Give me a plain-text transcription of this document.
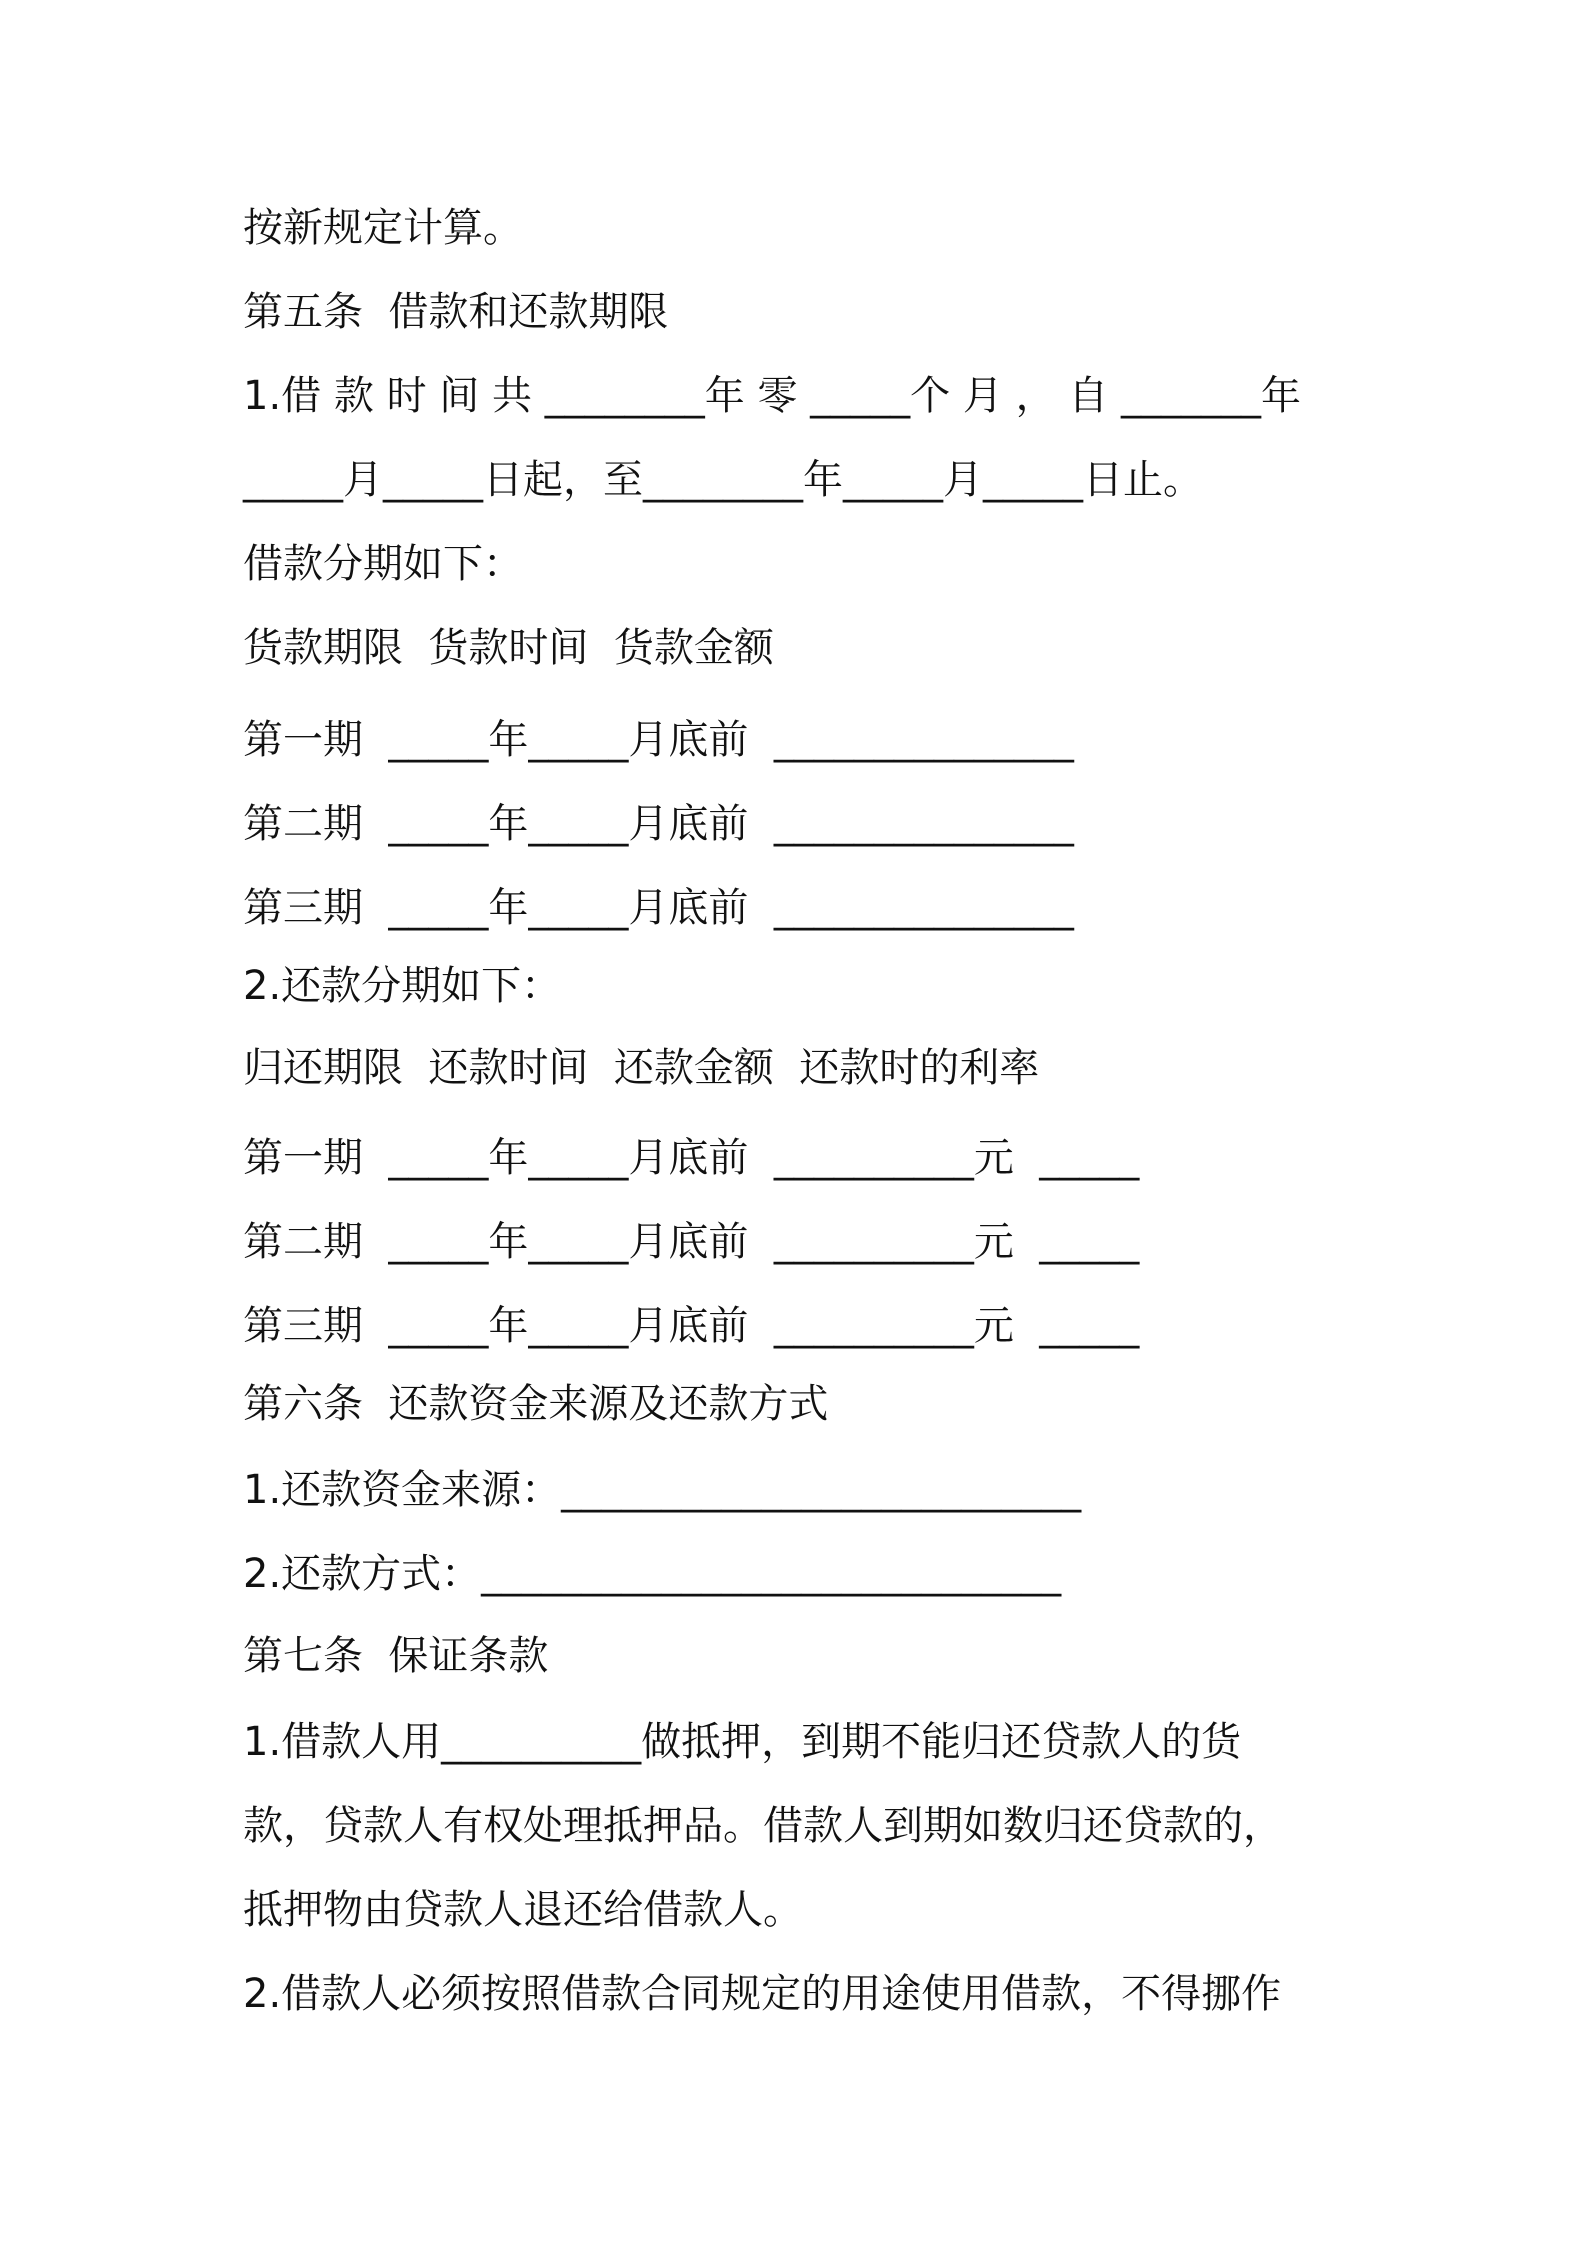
按新规定计算。

第五条  借款和还款期限

1.借 款 时 间 共 ________年 零 _____个 月 ， 自 _______年

_____月_____日起，至________年_____月_____日止。

借款分期如下：

货款期限  货款时间  货款金额

第一期  _____年_____月底前  _______________

第二期  _____年_____月底前  _______________

第三期  _____年_____月底前  _______________

2.还款分期如下：

归还期限  还款时间  还款金额  还款时的利率

第一期  _____年_____月底前  __________元  _____

第二期  _____年_____月底前  __________元  _____

第三期  _____年_____月底前  __________元  _____

第六条  还款资金来源及还款方式

1.还款资金来源：__________________________

2.还款方式：_____________________________

第七条  保证条款

1.借款人用__________做抵押，到期不能归还贷款人的货

款，贷款人有权处理抵押品。借款人到期如数归还贷款的，

抵押物由贷款人退还给借款人。

2.借款人必须按照借款合同规定的用途使用借款，不得挪作
